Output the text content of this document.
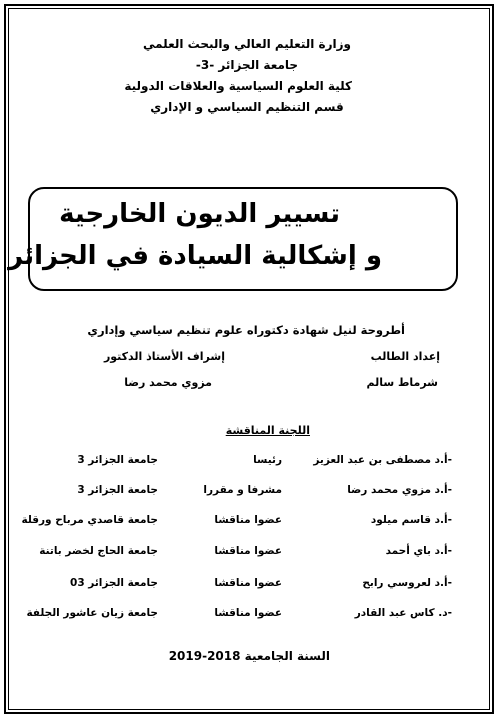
وزارة التعليم العالي والبحث العلمي
جامعة الجزائر -3-
كلية العلوم السياسية والعلاقات الدولية
قسم التنظيم السياسي و الإداري
تسيير الديون الخارجية
و إشكالية السيادة في الجزائر
أطروحة لنيل شهادة دكتوراه علوم تنظيم سياسي وإداري
إعداد الطالب
إشراف الأستاذ الدكتور
شرماط سالم
مزوي محمد رضا
اللجنة المناقشة
-أ.د مصطفى بن عبد العزيز
رئيسا
جامعة الجزائر 3
-أ.د مزوي محمد رضا
مشرفا و مقررا
جامعة الجزائر 3
-أ.د قاسم ميلود
عضوا مناقشا
جامعة قاصدي مرباح ورقلة
-أ.د باي أحمد
عضوا مناقشا
جامعة الحاج لخضر باتنة
-أ.د لعروسي رابح
عضوا مناقشا
جامعة الجزائر 03
-د. كاس عبد القادر
عضوا مناقشا
جامعة زيان عاشور الجلفة
السنة الجامعية 2018-2019
